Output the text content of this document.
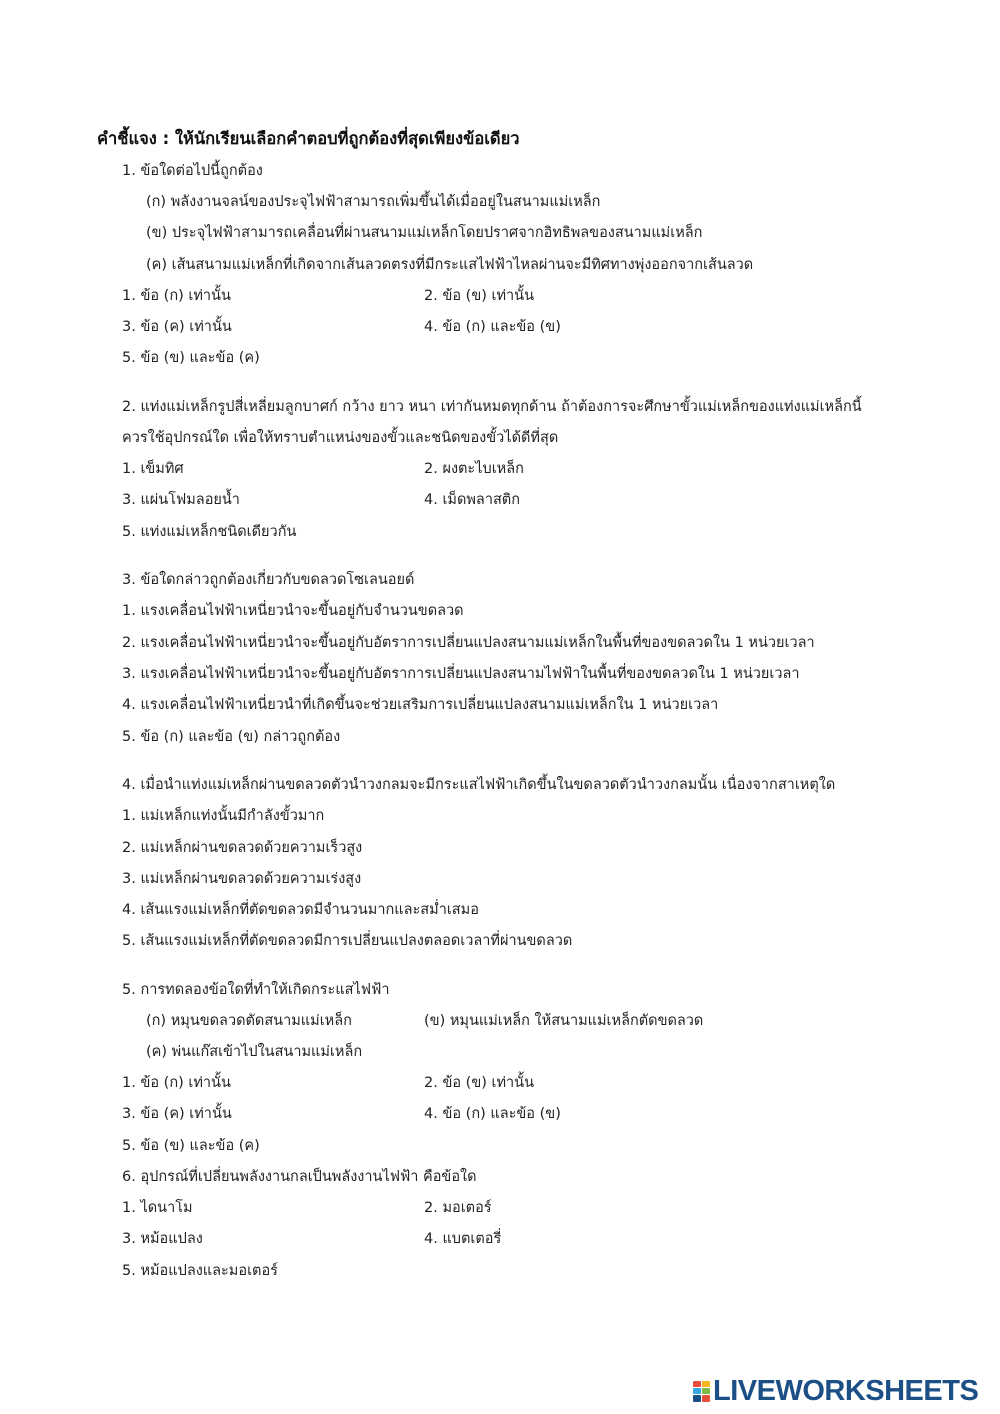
คำชี้แจง : ให้นักเรียนเลือกคำตอบที่ถูกต้องที่สุดเพียงข้อเดียว
1. ข้อใดต่อไปนี้ถูกต้อง
(ก) พลังงานจลน์ของประจุไฟฟ้าสามารถเพิ่มขึ้นได้เมื่ออยู่ในสนามแม่เหล็ก
(ข) ประจุไฟฟ้าสามารถเคลื่อนที่ผ่านสนามแม่เหล็กโดยปราศจากอิทธิพลของสนามแม่เหล็ก
(ค) เส้นสนามแม่เหล็กที่เกิดจากเส้นลวดตรงที่มีกระแสไฟฟ้าไหลผ่านจะมีทิศทางพุ่งออกจากเส้นลวด
1. ข้อ (ก) เท่านั้น	2. ข้อ (ข) เท่านั้น
3. ข้อ (ค) เท่านั้น	4. ข้อ (ก) และข้อ (ข)
5. ข้อ (ข) และข้อ (ค)
2. แท่งแม่เหล็กรูปสี่เหลี่ยมลูกบาศก์ กว้าง ยาว หนา เท่ากันหมดทุกด้าน ถ้าต้องการจะศึกษาขั้วแม่เหล็กของแท่งแม่เหล็กนี้
ควรใช้อุปกรณ์ใด เพื่อให้ทราบตำแหน่งของขั้วและชนิดของขั้วได้ดีที่สุด
1. เข็มทิศ	2. ผงตะไบเหล็ก
3. แผ่นโฟมลอยน้ำ	4. เม็ดพลาสติก
5. แท่งแม่เหล็กชนิดเดียวกัน
3. ข้อใดกล่าวถูกต้องเกี่ยวกับขดลวดโซเลนอยด์
1. แรงเคลื่อนไฟฟ้าเหนี่ยวนำจะขึ้นอยู่กับจำนวนขดลวด
2. แรงเคลื่อนไฟฟ้าเหนี่ยวนำจะขึ้นอยู่กับอัตราการเปลี่ยนแปลงสนามแม่เหล็กในพื้นที่ของขดลวดใน 1 หน่วยเวลา
3. แรงเคลื่อนไฟฟ้าเหนี่ยวนำจะขึ้นอยู่กับอัตราการเปลี่ยนแปลงสนามไฟฟ้าในพื้นที่ของขดลวดใน 1 หน่วยเวลา
4. แรงเคลื่อนไฟฟ้าเหนี่ยวนำที่เกิดขึ้นจะช่วยเสริมการเปลี่ยนแปลงสนามแม่เหล็กใน 1 หน่วยเวลา
5. ข้อ (ก) และข้อ (ข) กล่าวถูกต้อง
4. เมื่อนำแท่งแม่เหล็กผ่านขดลวดตัวนำวงกลมจะมีกระแสไฟฟ้าเกิดขึ้นในขดลวดตัวนำวงกลมนั้น เนื่องจากสาเหตุใด
1. แม่เหล็กแท่งนั้นมีกำลังขั้วมาก
2. แม่เหล็กผ่านขดลวดด้วยความเร็วสูง
3. แม่เหล็กผ่านขดลวดด้วยความเร่งสูง
4. เส้นแรงแม่เหล็กที่ตัดขดลวดมีจำนวนมากและสม่ำเสมอ
5. เส้นแรงแม่เหล็กที่ตัดขดลวดมีการเปลี่ยนแปลงตลอดเวลาที่ผ่านขดลวด
5. การทดลองข้อใดที่ทำให้เกิดกระแสไฟฟ้า
(ก) หมุนขดลวดตัดสนามแม่เหล็ก	(ข) หมุนแม่เหล็ก ให้สนามแม่เหล็กตัดขดลวด
(ค) พ่นแก๊สเข้าไปในสนามแม่เหล็ก
1. ข้อ (ก) เท่านั้น	2. ข้อ (ข) เท่านั้น
3. ข้อ (ค) เท่านั้น	4. ข้อ (ก) และข้อ (ข)
5. ข้อ (ข) และข้อ (ค)
6. อุปกรณ์ที่เปลี่ยนพลังงานกลเป็นพลังงานไฟฟ้า คือข้อใด
1. ไดนาโม	2. มอเตอร์
3. หม้อแปลง	4. แบตเตอรี่
5. หม้อแปลงและมอเตอร์
LIVEWORKSHEETS
